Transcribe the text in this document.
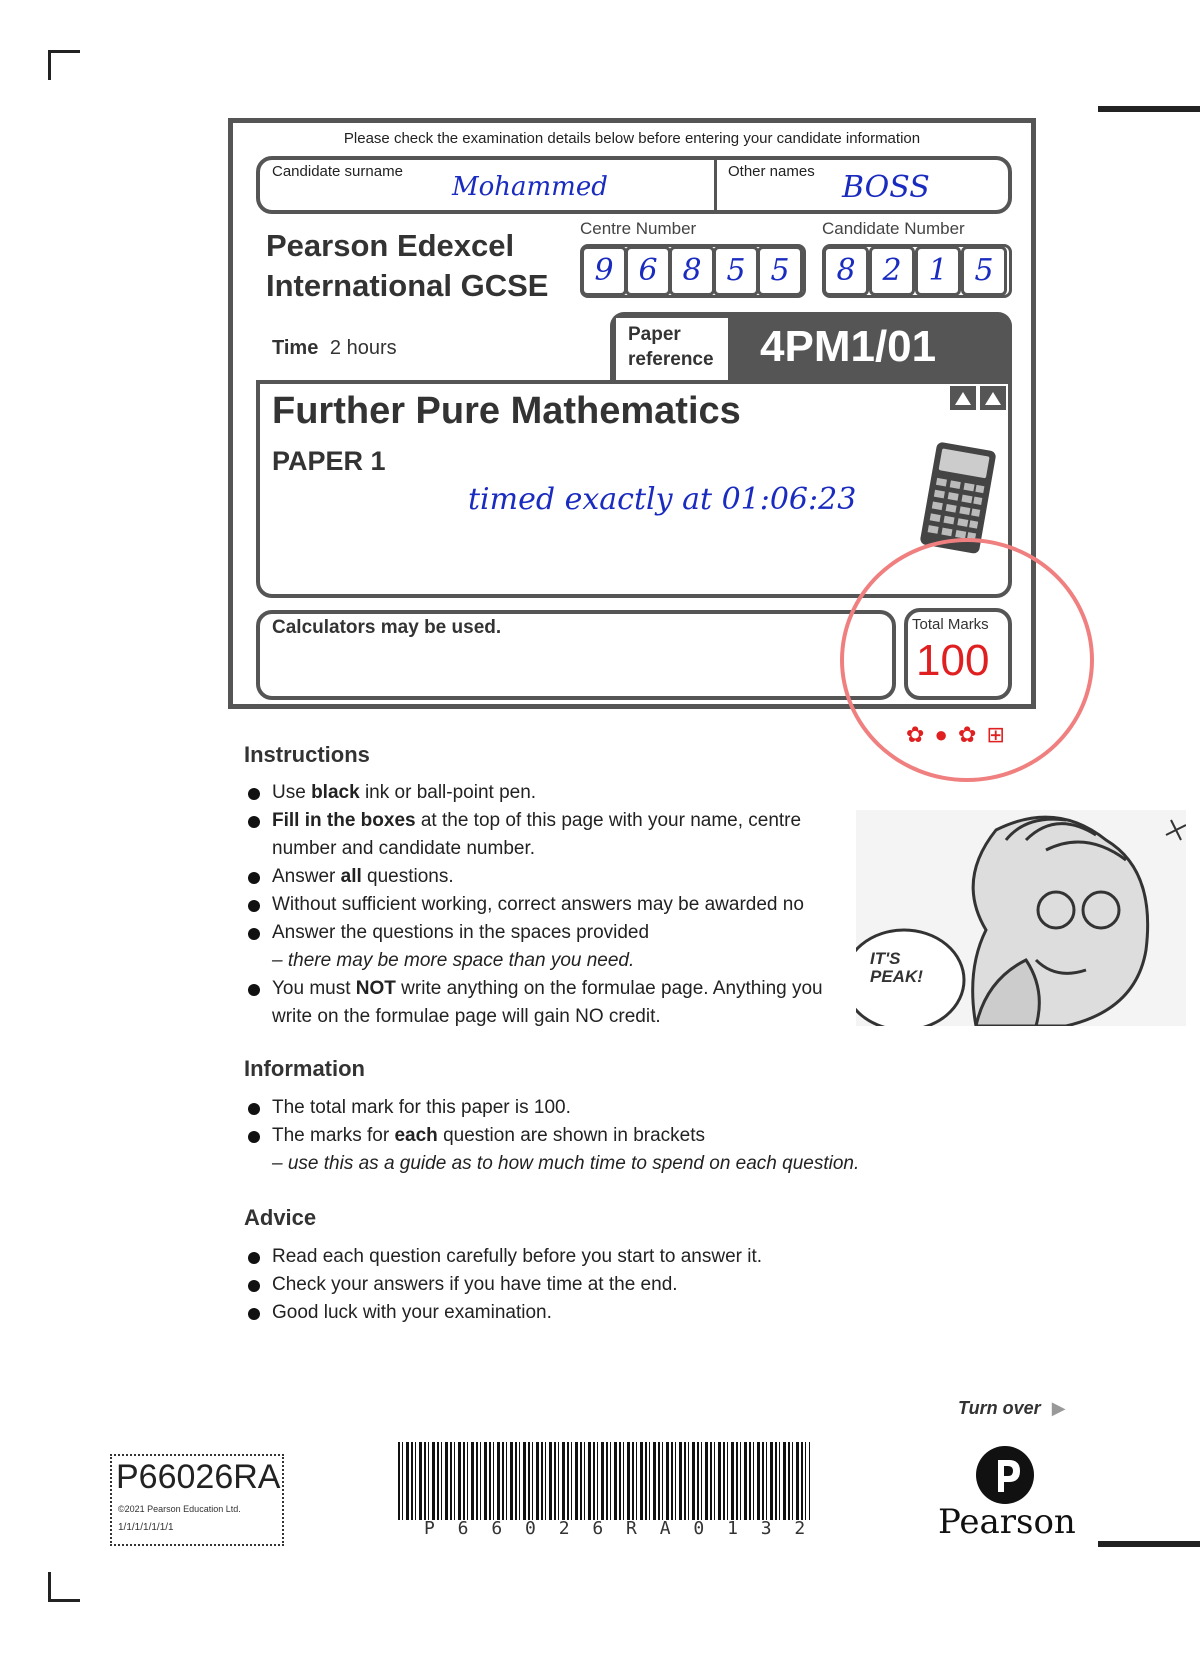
Please check the examination details below before entering your candidate information
Candidate surname
Mohammed
Other names BOSS
Pearson Edexcel
International GCSE
Centre Number
9 6 8 5 5
Candidate Number
8 2 1 5
Time 2 hours
Paper
reference 4PM1/01
Further Pure Mathematics
PAPER 1
timed exactly at 01:06:23
Calculators may be used.	Total Marks
100
✿ ● ✿ ⊞
Instructions
Use black ink or ball-point pen.
Fill in the boxes at the top of this page with your name, centre number and candidate number.
Answer all questions.
Without sufficient working, correct answers may be awarded no
Answer the questions in the spaces provided
– there may be more space than you need.
You must NOT write anything on the formulae page. Anything you write on the formulae page will gain NO credit.
IT'S PEAK!
Information
The total mark for this paper is 100.
The marks for each question are shown in brackets
– use this as a guide as to how much time to spend on each question.
Advice
Read each question carefully before you start to answer it.
Check your answers if you have time at the end.
Good luck with your examination.
Turn over ▶
P66026RA
©2021 Pearson Education Ltd.
1/1/1/1/1/1/1	P 6 6 0 2 6 R A 0 1 3 2	Pearson
